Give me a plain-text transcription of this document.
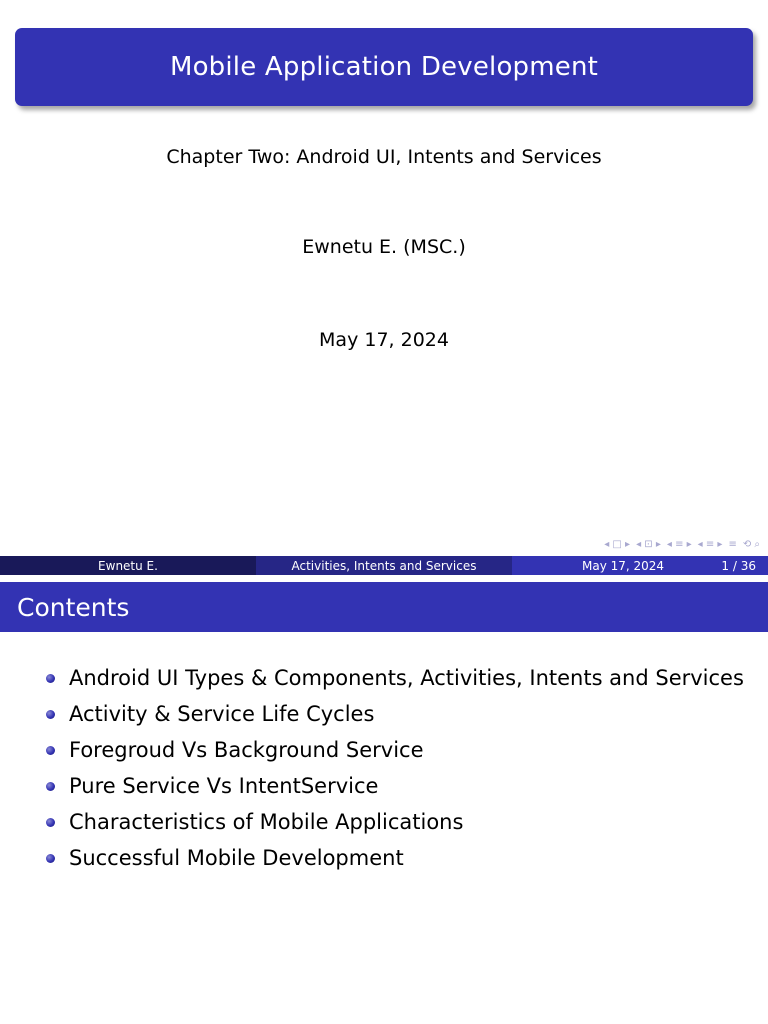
Mobile Application Development
Chapter Two: Android UI, Intents and Services
Ewnetu E. (MSC.)
May 17, 2024
◂ □ ▸ ◂ ⊡ ▸ ◂ ≡ ▸ ◂ ≡ ▸ ≡ ⟲ ⌕
Ewnetu E.	Activities, Intents and Services	May 17, 2024	1 / 36
Contents
Android UI Types & Components, Activities, Intents and Services
Activity & Service Life Cycles
Foregroud Vs Background Service
Pure Service Vs IntentService
Characteristics of Mobile Applications
Successful Mobile Development
